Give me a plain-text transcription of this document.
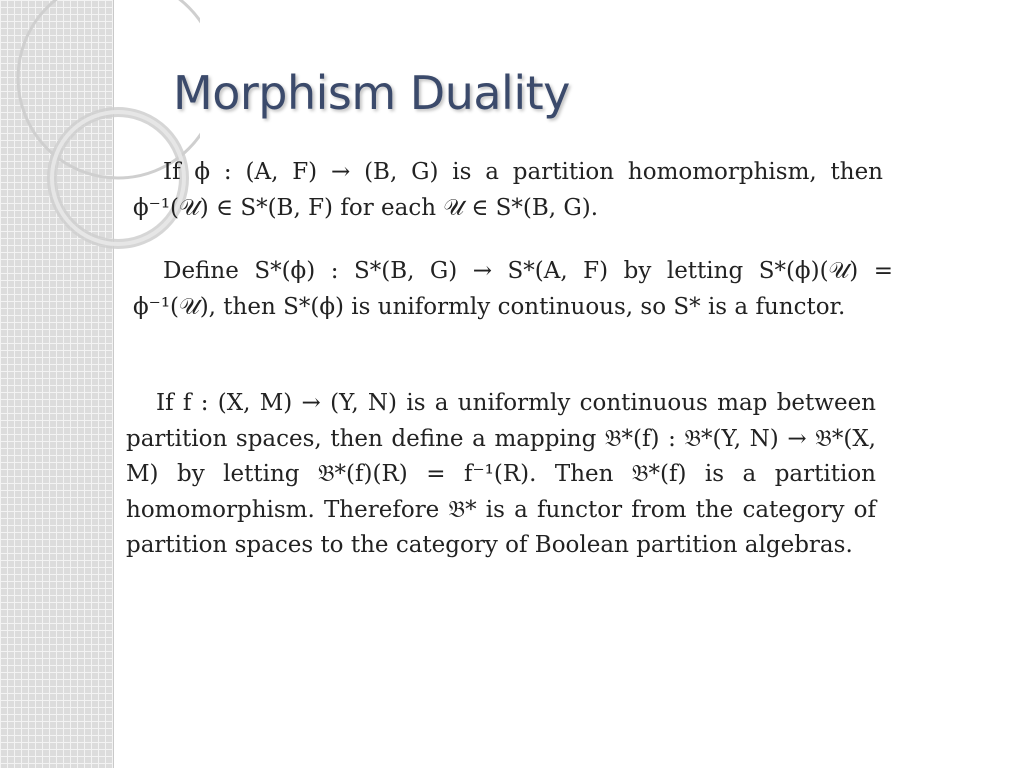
Morphism Duality

If ϕ : (A, F) → (B, G) is a partition homomorphism, then ϕ⁻¹(𝒰) ∈ S*(B, F) for each 𝒰 ∈ S*(B, G).

Define S*(ϕ) : S*(B, G) → S*(A, F) by letting S*(ϕ)(𝒰) = ϕ⁻¹(𝒰), then S*(ϕ) is uniformly continuous, so S* is a functor.

If f : (X, M) → (Y, N) is a uniformly continuous map between partition spaces, then define a mapping 𝔅*(f) : 𝔅*(Y, N) → 𝔅*(X, M) by letting 𝔅*(f)(R) = f⁻¹(R). Then 𝔅*(f) is a partition homomorphism. Therefore 𝔅* is a functor from the category of partition spaces to the category of Boolean partition algebras.
